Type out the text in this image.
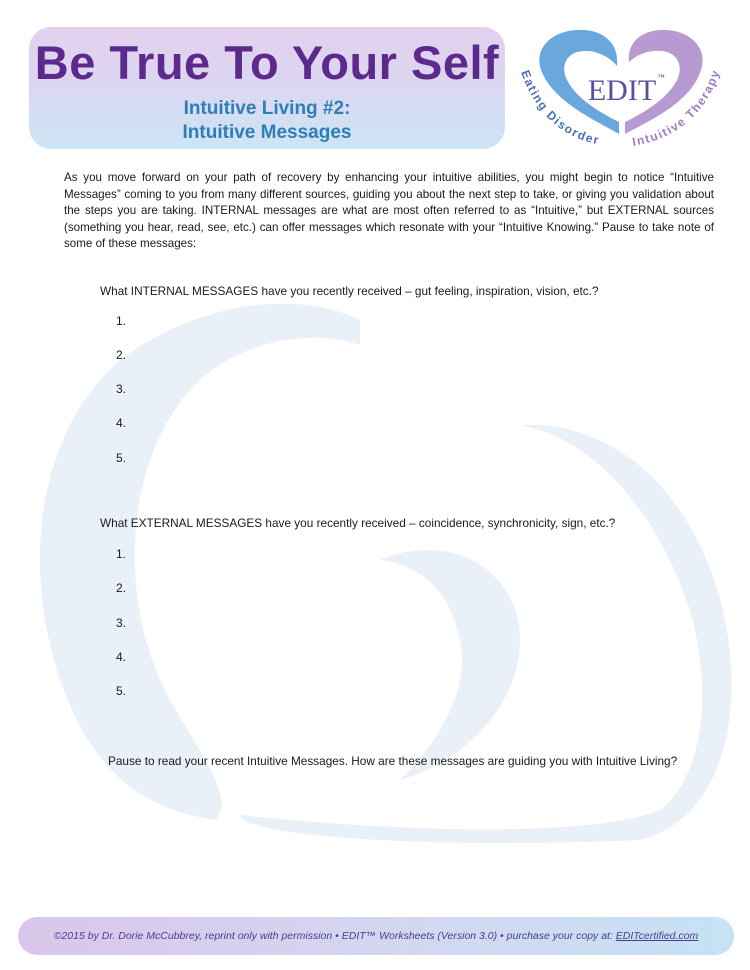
Be True To Your Self
Intuitive Living #2:
Intuitive Messages
EDIT ™
Eating Disorder Intuitive Therapy

As you move forward on your path of recovery by enhancing your intuitive abilities, you might begin to notice “Intuitive Messages” coming to you from many different sources, guiding you about the next step to take, or giving you validation about the steps you are taking. INTERNAL messages are what are most often referred to as “Intuitive,” but EXTERNAL sources (something you hear, read, see, etc.) can offer messages which resonate with your “Intuitive Knowing.” Pause to take note of some of these messages:

What INTERNAL MESSAGES have you recently received – gut feeling, inspiration, vision, etc.?
1.
2.
3.
4.
5.
What EXTERNAL MESSAGES have you recently received – coincidence, synchronicity, sign, etc.?
1.
2.
3.
4.
5.
Pause to read your recent Intuitive Messages. How are these messages are guiding you with Intuitive Living?
©2015 by Dr. Dorie McCubbrey, reprint only with permission • EDIT™ Worksheets (Version 3.0) • purchase your copy at: EDITcertified.com
